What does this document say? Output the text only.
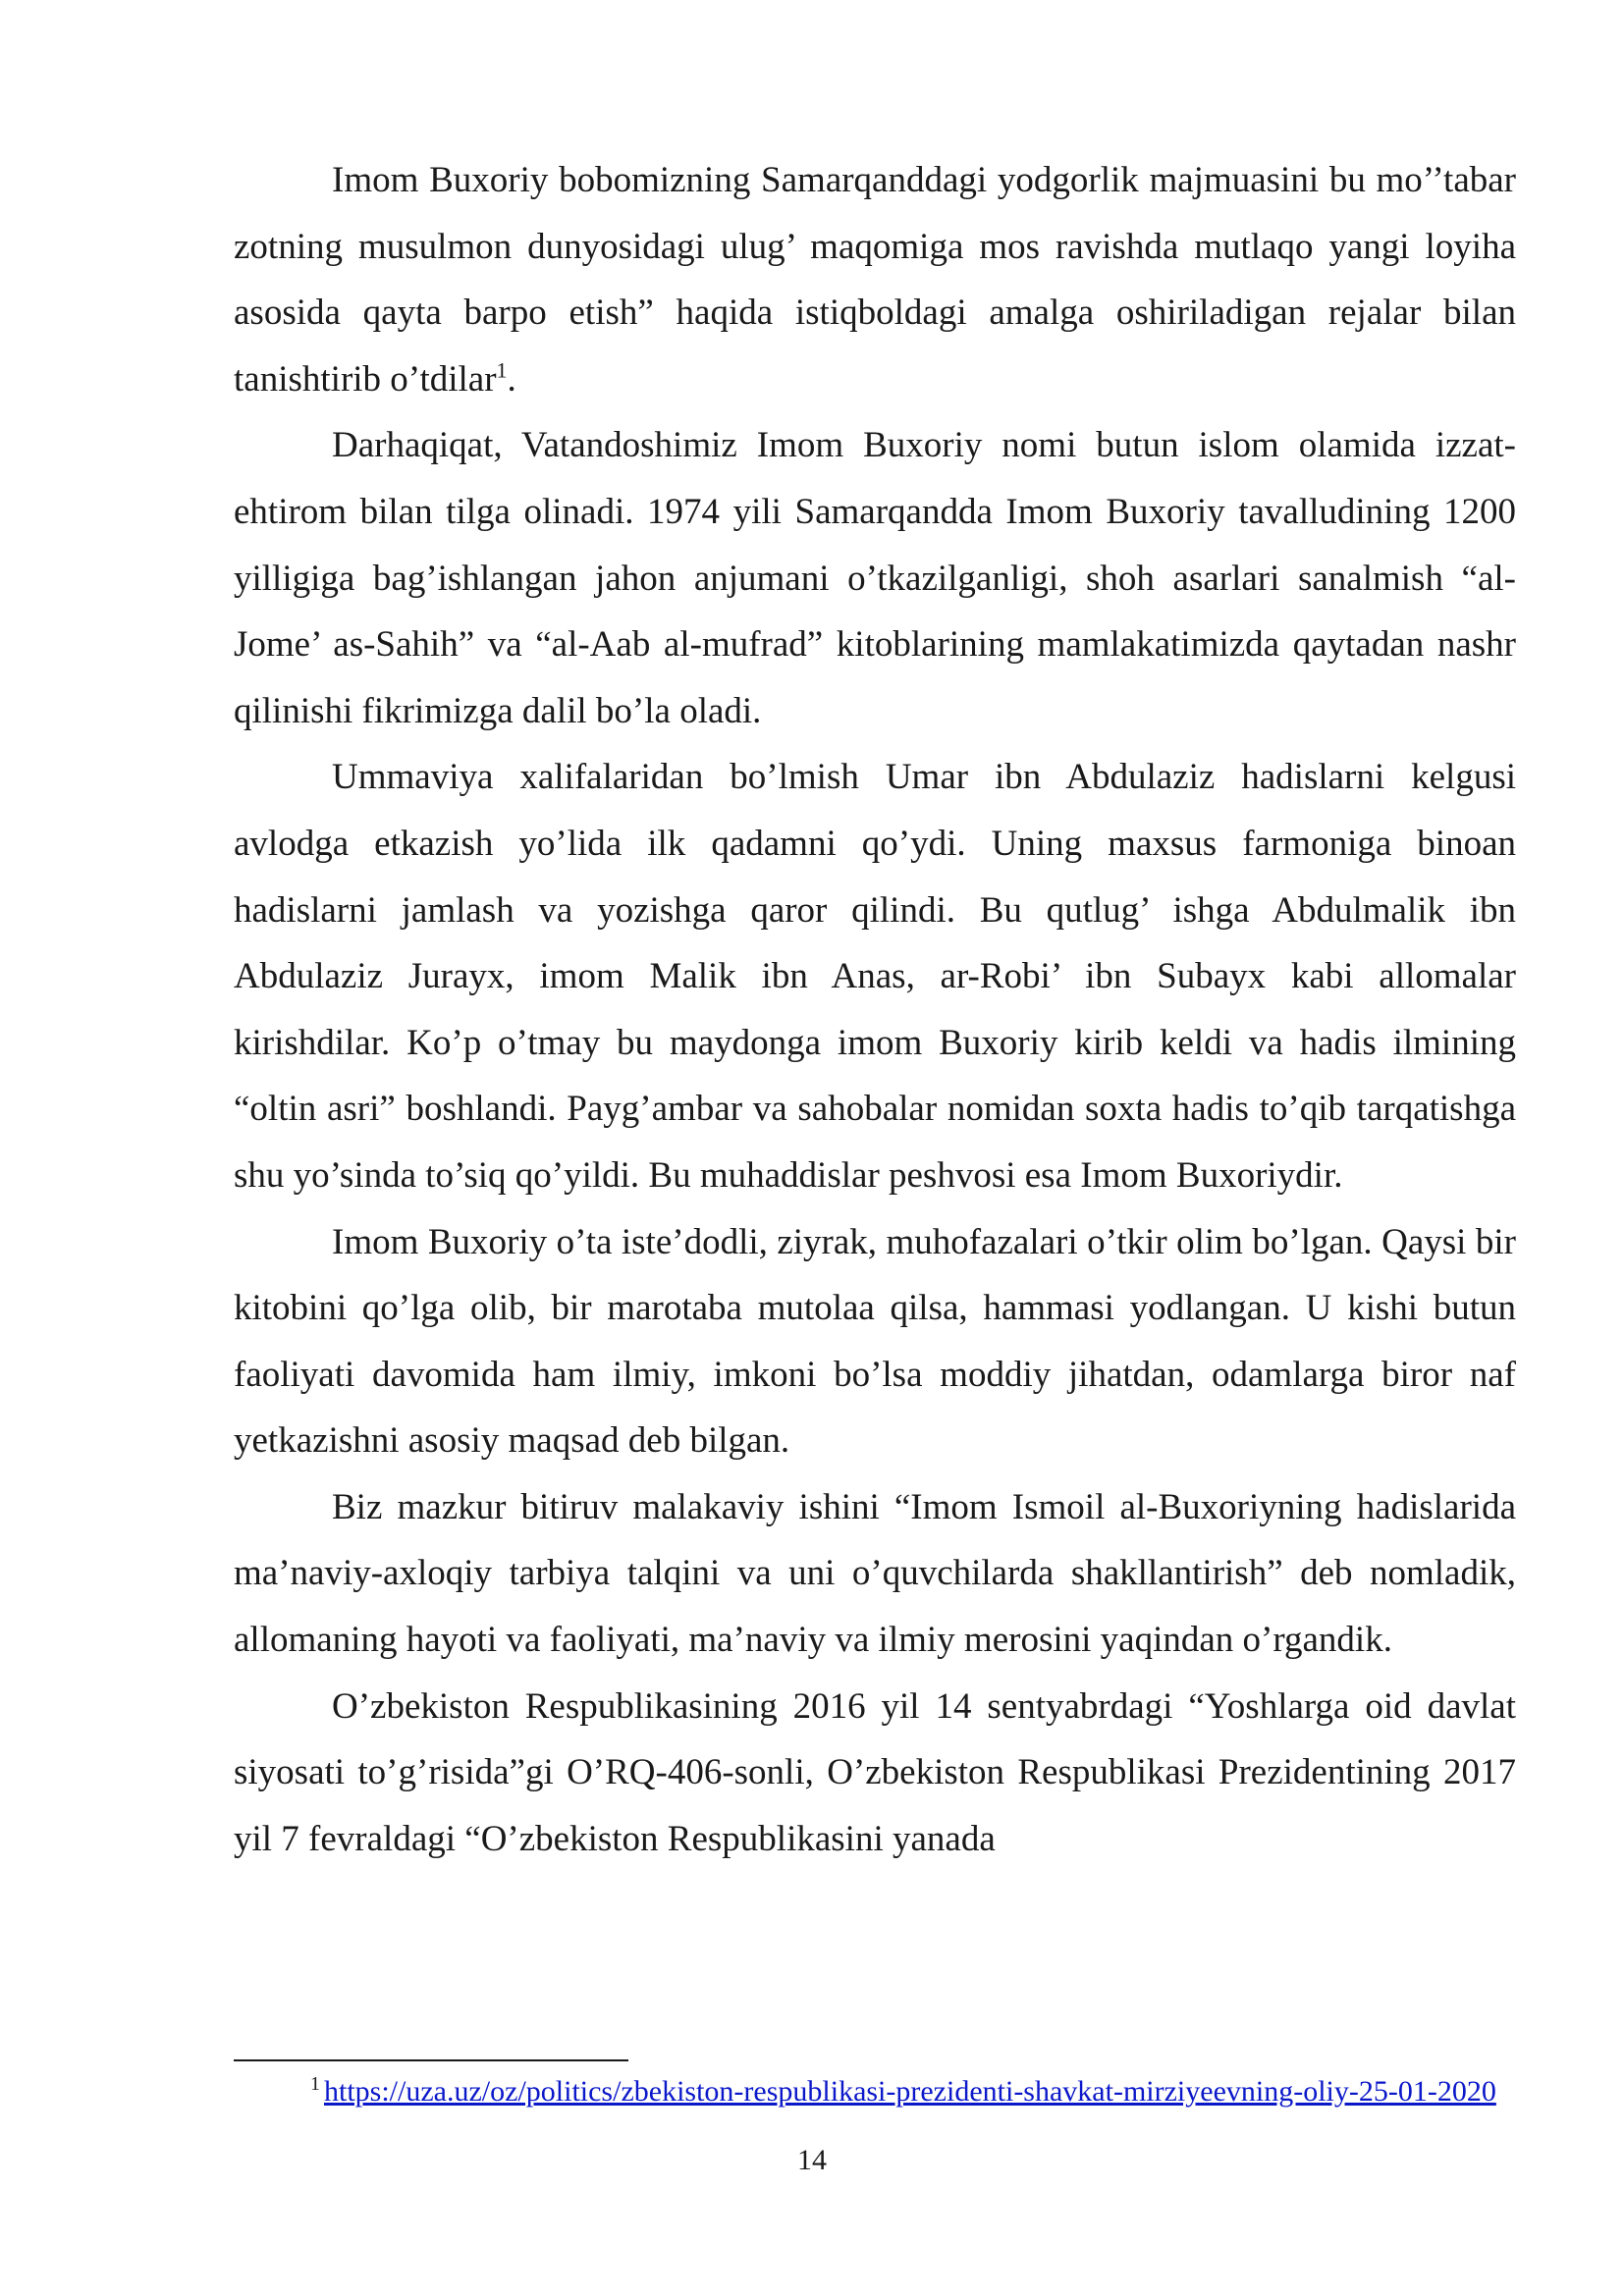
Imom Buxoriy bobomizning Samarqanddagi yodgorlik majmuasini bu mo’’tabar zotning musulmon dunyosidagi ulug’ maqomiga mos ravishda mutlaqo yangi loyiha asosida qayta barpo etish” haqida istiqboldagi amalga oshiriladigan rejalar bilan tanishtirib o’tdilar$^1$.

Darhaqiqat, Vatandoshimiz Imom Buxoriy nomi butun islom olamida izzat-ehtirom bilan tilga olinadi. 1974 yili Samarqandda Imom Buxoriy tavalludining 1200 yilligiga bag’ishlangan jahon anjumani o’tkazilganligi, shoh asarlari sanalmish “al-Jome’ as-Sahih” va “al-Aab al-mufrad” kitoblarining mamlakatimizda qaytadan nashr qilinishi fikrimizga dalil bo’la oladi.

Ummaviya xalifalaridan bo’lmish Umar ibn Abdulaziz hadislarni kelgusi avlodga etkazish yo’lida ilk qadamni qo’ydi. Uning maxsus farmoniga binoan hadislarni jamlash va yozishga qaror qilindi. Bu qutlug’ ishga Abdulmalik ibn Abdulaziz Jurayx, imom Malik ibn Anas, ar-Robi’ ibn Subayx kabi allomalar kirishdilar. Ko’p o’tmay bu maydonga imom Buxoriy kirib keldi va hadis ilmining “oltin asri” boshlandi. Payg’ambar va sahobalar nomidan soxta hadis to’qib tarqatishga shu yo’sinda to’siq qo’yildi. Bu muhaddislar peshvosi esa Imom Buxoriydir.

Imom Buxoriy o’ta iste’dodli, ziyrak, muhofazalari o’tkir olim bo’lgan. Qaysi bir kitobini qo’lga olib, bir marotaba mutolaa qilsa, hammasi yodlangan. U kishi butun faoliyati davomida ham ilmiy, imkoni bo’lsa moddiy jihatdan, odamlarga biror naf yetkazishni asosiy maqsad deb bilgan.

Biz mazkur bitiruv malakaviy ishini “Imom Ismoil al-Buxoriyning hadislarida ma’naviy-axloqiy tarbiya talqini va uni o’quvchilarda shakllantirish” deb nomladik, allomaning hayoti va faoliyati, ma’naviy va ilmiy merosini yaqindan o’rgandik.

O’zbekiston Respublikasining 2016 yil 14 sentyabrdagi “Yoshlarga oid davlat siyosati to’g’risida”gi O’RQ-406-sonli, O’zbekiston Respublikasi Prezidentining 2017 yil 7 fevraldagi “O’zbekiston Respublikasini yanada

$^1$ https://uza.uz/oz/politics/zbekiston-respublikasi-prezidenti-shavkat-mirziyeevning-oliy-25-01-2020
14
